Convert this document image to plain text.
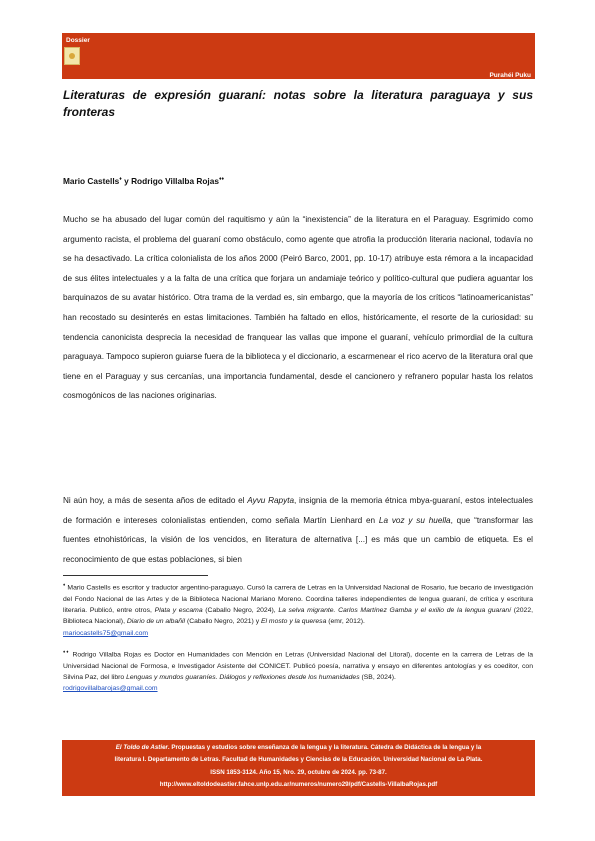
Dossier
Purahéi Puku
Literaturas de expresión guaraní: notas sobre la literatura paraguaya y sus fronteras
Mario Castells♦ y Rodrigo Villalba Rojas♦♦

Mucho se ha abusado del lugar común del raquitismo y aún la “inexistencia” de la literatura en el Paraguay. Esgrimido como argumento racista, el problema del guaraní como obstáculo, como agente que atrofia la producción literaria nacional, todavía no se ha desactivado. La crítica colonialista de los años 2000 (Peiró Barco, 2001, pp. 10-17) atribuye esta rémora a la incapacidad de sus élites intelectuales y a la falta de una crítica que forjara un andamiaje teórico y político-cultural que pudiera aguantar los barquinazos de su avatar histórico. Otra trama de la verdad es, sin embargo, que la mayoría de los críticos “latinoamericanistas” han recostado su desinterés en estas limitaciones. También ha faltado en ellos, históricamente, el resorte de la curiosidad: su tendencia canonicista desprecia la necesidad de franquear las vallas que impone el guaraní, vehículo primordial de la cultura paraguaya. Tampoco supieron guiarse fuera de la biblioteca y el diccionario, a escarmenear el rico acervo de la literatura oral que tiene en el Paraguay y sus cercanías, una importancia fundamental, desde el cancionero y refranero popular hasta los relatos cosmogónicos de las naciones originarias.

Ni aún hoy, a más de sesenta años de editado el Ayvu Rapyta, insignia de la memoria étnica mbya-guaraní, estos intelectuales de formación e intereses colonialistas entienden, como señala Martín Lienhard en La voz y su huella, que “transformar las fuentes etnohistóricas, la visión de los vencidos, en literatura de alternativa [...] es más que un cambio de etiqueta. Es el reconocimiento de que estas poblaciones, si bien

♦ Mario Castells es escritor y traductor argentino-paraguayo. Cursó la carrera de Letras en la Universidad Nacional de Rosario, fue becario de investigación del Fondo Nacional de las Artes y de la Biblioteca Nacional Mariano Moreno. Coordina talleres independientes de lengua guaraní, de crítica y escritura literaria. Publicó, entre otros, Plata y escama (Caballo Negro, 2024), La selva migrante. Carlos Martínez Gamba y el exilio de la lengua guaraní (2022, Biblioteca Nacional), Diario de un albañil (Caballo Negro, 2021) y El mosto y la queresa (emr, 2012).
mariocastells75@gmail.com

♦♦ Rodrigo Villalba Rojas es Doctor en Humanidades con Mención en Letras (Universidad Nacional del Litoral), docente en la carrera de Letras de la Universidad Nacional de Formosa, e Investigador Asistente del CONICET. Publicó poesía, narrativa y ensayo en diferentes antologías y es coeditor, con Silvina Paz, del libro Lenguas y mundos guaraníes. Diálogos y reflexiones desde los humanidades (SB, 2024).
rodrigovillalbarojas@gmail.com

El Toldo de Astier. Propuestas y estudios sobre enseñanza de la lengua y la literatura. Cátedra de Didáctica de la lengua y la
literatura I. Departamento de Letras. Facultad de Humanidades y Ciencias de la Educación. Universidad Nacional de La Plata.
ISSN 1853-3124. Año 15, Nro. 29, octubre de 2024. pp. 73-87.
http://www.eltoldodeastier.fahce.unlp.edu.ar/numeros/numero29/pdf/Castells-VillalbaRojas.pdf
